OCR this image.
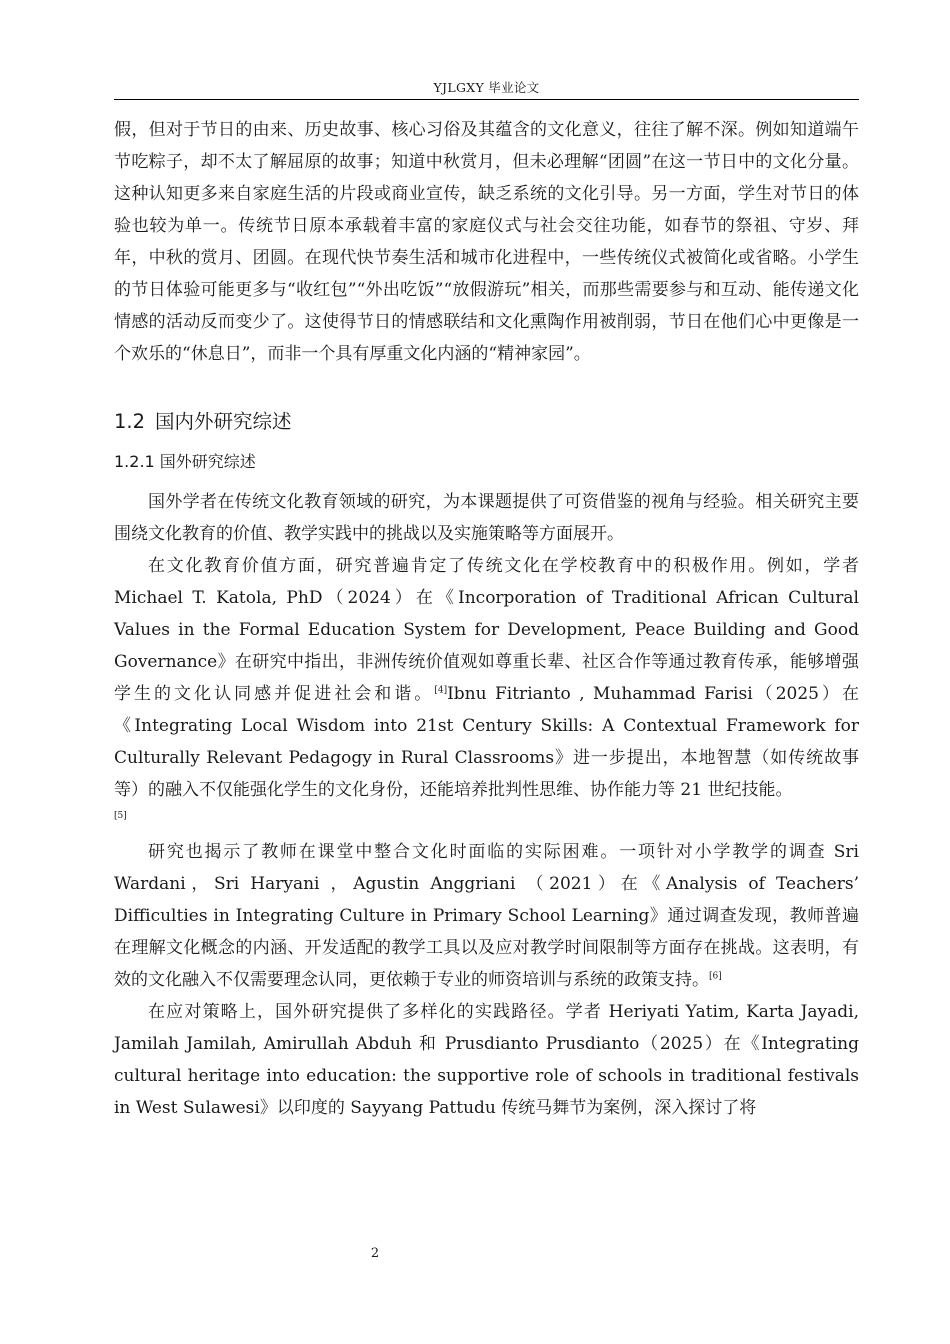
YJLGXY 毕业论文

假，但对于节日的由来、历史故事、核心习俗及其蕴含的文化意义，往往了解不深。例如知道端午节吃粽子，却不太了解屈原的故事；知道中秋赏月，但未必理解“团圆”在这一节日中的文化分量。这种认知更多来自家庭生活的片段或商业宣传，缺乏系统的文化引导。另一方面，学生对节日的体验也较为单一。传统节日原本承载着丰富的家庭仪式与社会交往功能，如春节的祭祖、守岁、拜年，中秋的赏月、团圆。在现代快节奏生活和城市化进程中，一些传统仪式被简化或省略。小学生的节日体验可能更多与“收红包”“外出吃饭”“放假游玩”相关，而那些需要参与和互动、能传递文化情感的活动反而变少了。这使得节日的情感联结和文化熏陶作用被削弱，节日在他们心中更像是一个欢乐的“休息日”，而非一个具有厚重文化内涵的“精神家园”。

1.2 国内外研究综述
1.2.1 国外研究综述

国外学者在传统文化教育领域的研究，为本课题提供了可资借鉴的视角与经验。相关研究主要围绕文化教育的价值、教学实践中的挑战以及实施策略等方面展开。

在文化教育价值方面，研究普遍肯定了传统文化在学校教育中的积极作用。例如，学者 Michael T. Katola, PhD（2024）在《Incorporation of Traditional African Cultural Values in the Formal Education System for Development, Peace Building and Good Governance》在研究中指出，非洲传统价值观如尊重长辈、社区合作等通过教育传承，能够增强学生的文化认同感并促进社会和谐。[4]Ibnu Fitrianto , Muhammad Farisi（2025）在《Integrating Local Wisdom into 21st Century Skills: A Contextual Framework for Culturally Relevant Pedagogy in Rural Classrooms》进一步提出，本地智慧（如传统故事等）的融入不仅能强化学生的文化身份，还能培养批判性思维、协作能力等 21 世纪技能。

[5]

研究也揭示了教师在课堂中整合文化时面临的实际困难。一项针对小学教学的调查 Sri Wardani，Sri Haryani ，Agustin Anggriani （2021）在《Analysis of Teachers’ Difficulties in Integrating Culture in Primary School Learning》通过调查发现，教师普遍在理解文化概念的内涵、开发适配的教学工具以及应对教学时间限制等方面存在挑战。这表明，有效的文化融入不仅需要理念认同，更依赖于专业的师资培训与系统的政策支持。[6]

在应对策略上，国外研究提供了多样化的实践路径。学者 Heriyati Yatim, Karta Jayadi, Jamilah Jamilah, Amirullah Abduh 和 Prusdianto Prusdianto（2025）在《Integrating cultural heritage into education: the supportive role of schools in traditional festivals in West Sulawesi》以印度的 Sayyang Pattudu 传统马舞节为案例，深入探讨了将

2
